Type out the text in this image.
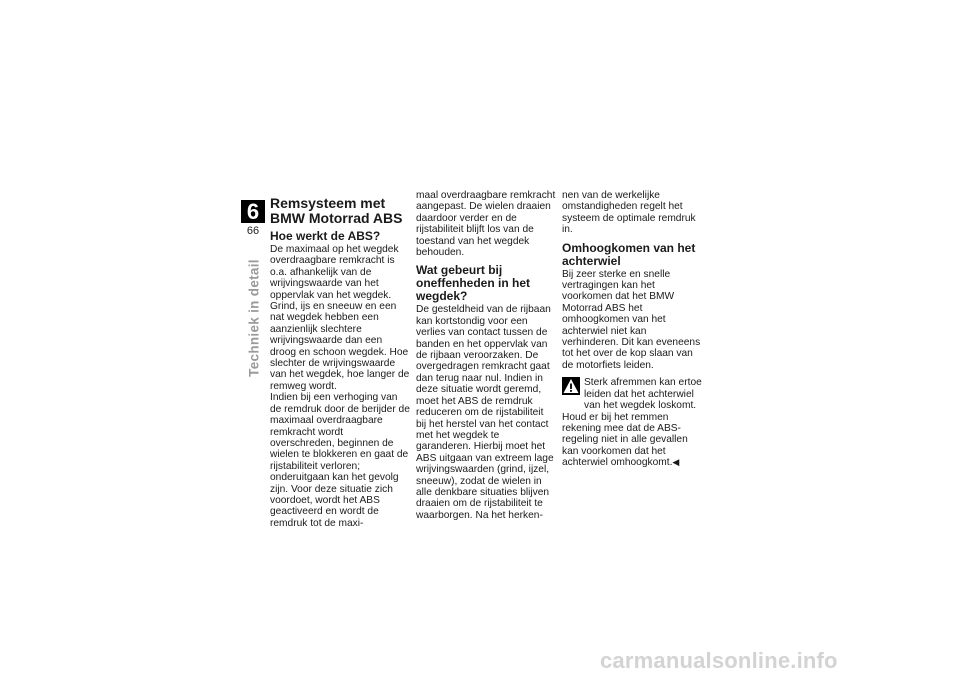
6
66
Techniek in detail
Remsysteem met BMW Motorrad ABS
Hoe werkt de ABS?

De maximaal op het wegdek overdraagbare remkracht is o.a. afhankelijk van de wrijvingswaarde van het oppervlak van het wegdek. Grind, ijs en sneeuw en een nat wegdek hebben een aanzienlijk slechtere wrijvingswaarde dan een droog en schoon wegdek. Hoe slechter de wrijvingswaarde van het wegdek, hoe langer de remweg wordt.

Indien bij een verhoging van de remdruk door de berijder de maximaal overdraagbare remkracht wordt overschreden, beginnen de wielen te blokkeren en gaat de rijstabiliteit verloren; onderuitgaan kan het gevolg zijn. Voor deze situatie zich voordoet, wordt het ABS geactiveerd en wordt de remdruk tot de maxi-

maal overdraagbare remkracht aangepast. De wielen draaien daardoor verder en de rijstabiliteit blijft los van de toestand van het wegdek behouden.

Wat gebeurt bij oneffenheden in het wegdek?

De gesteldheid van de rijbaan kan kortstondig voor een verlies van contact tussen de banden en het oppervlak van de rijbaan veroorzaken. De overgedragen remkracht gaat dan terug naar nul. Indien in deze situatie wordt geremd, moet het ABS de remdruk reduceren om de rijstabiliteit bij het herstel van het contact met het wegdek te garanderen. Hierbij moet het ABS uitgaan van extreem lage wrijvingswaarden (grind, ijzel, sneeuw), zodat de wielen in alle denkbare situaties blijven draaien om de rijstabiliteit te waarborgen. Na het herken-

nen van de werkelijke omstandigheden regelt het systeem de optimale remdruk in.

Omhoogkomen van het achterwiel

Bij zeer sterke en snelle vertragingen kan het voorkomen dat het BMW Motorrad ABS het omhoogkomen van het achterwiel niet kan verhinderen. Dit kan eveneens tot het over de kop slaan van de motorfiets leiden.

Sterk afremmen kan ertoe leiden dat het achterwiel van het wegdek loskomt.

Houd er bij het remmen rekening mee dat de ABS-regeling niet in alle gevallen kan voorkomen dat het achterwiel omhoogkomt.◀

carmanualsonline.info
